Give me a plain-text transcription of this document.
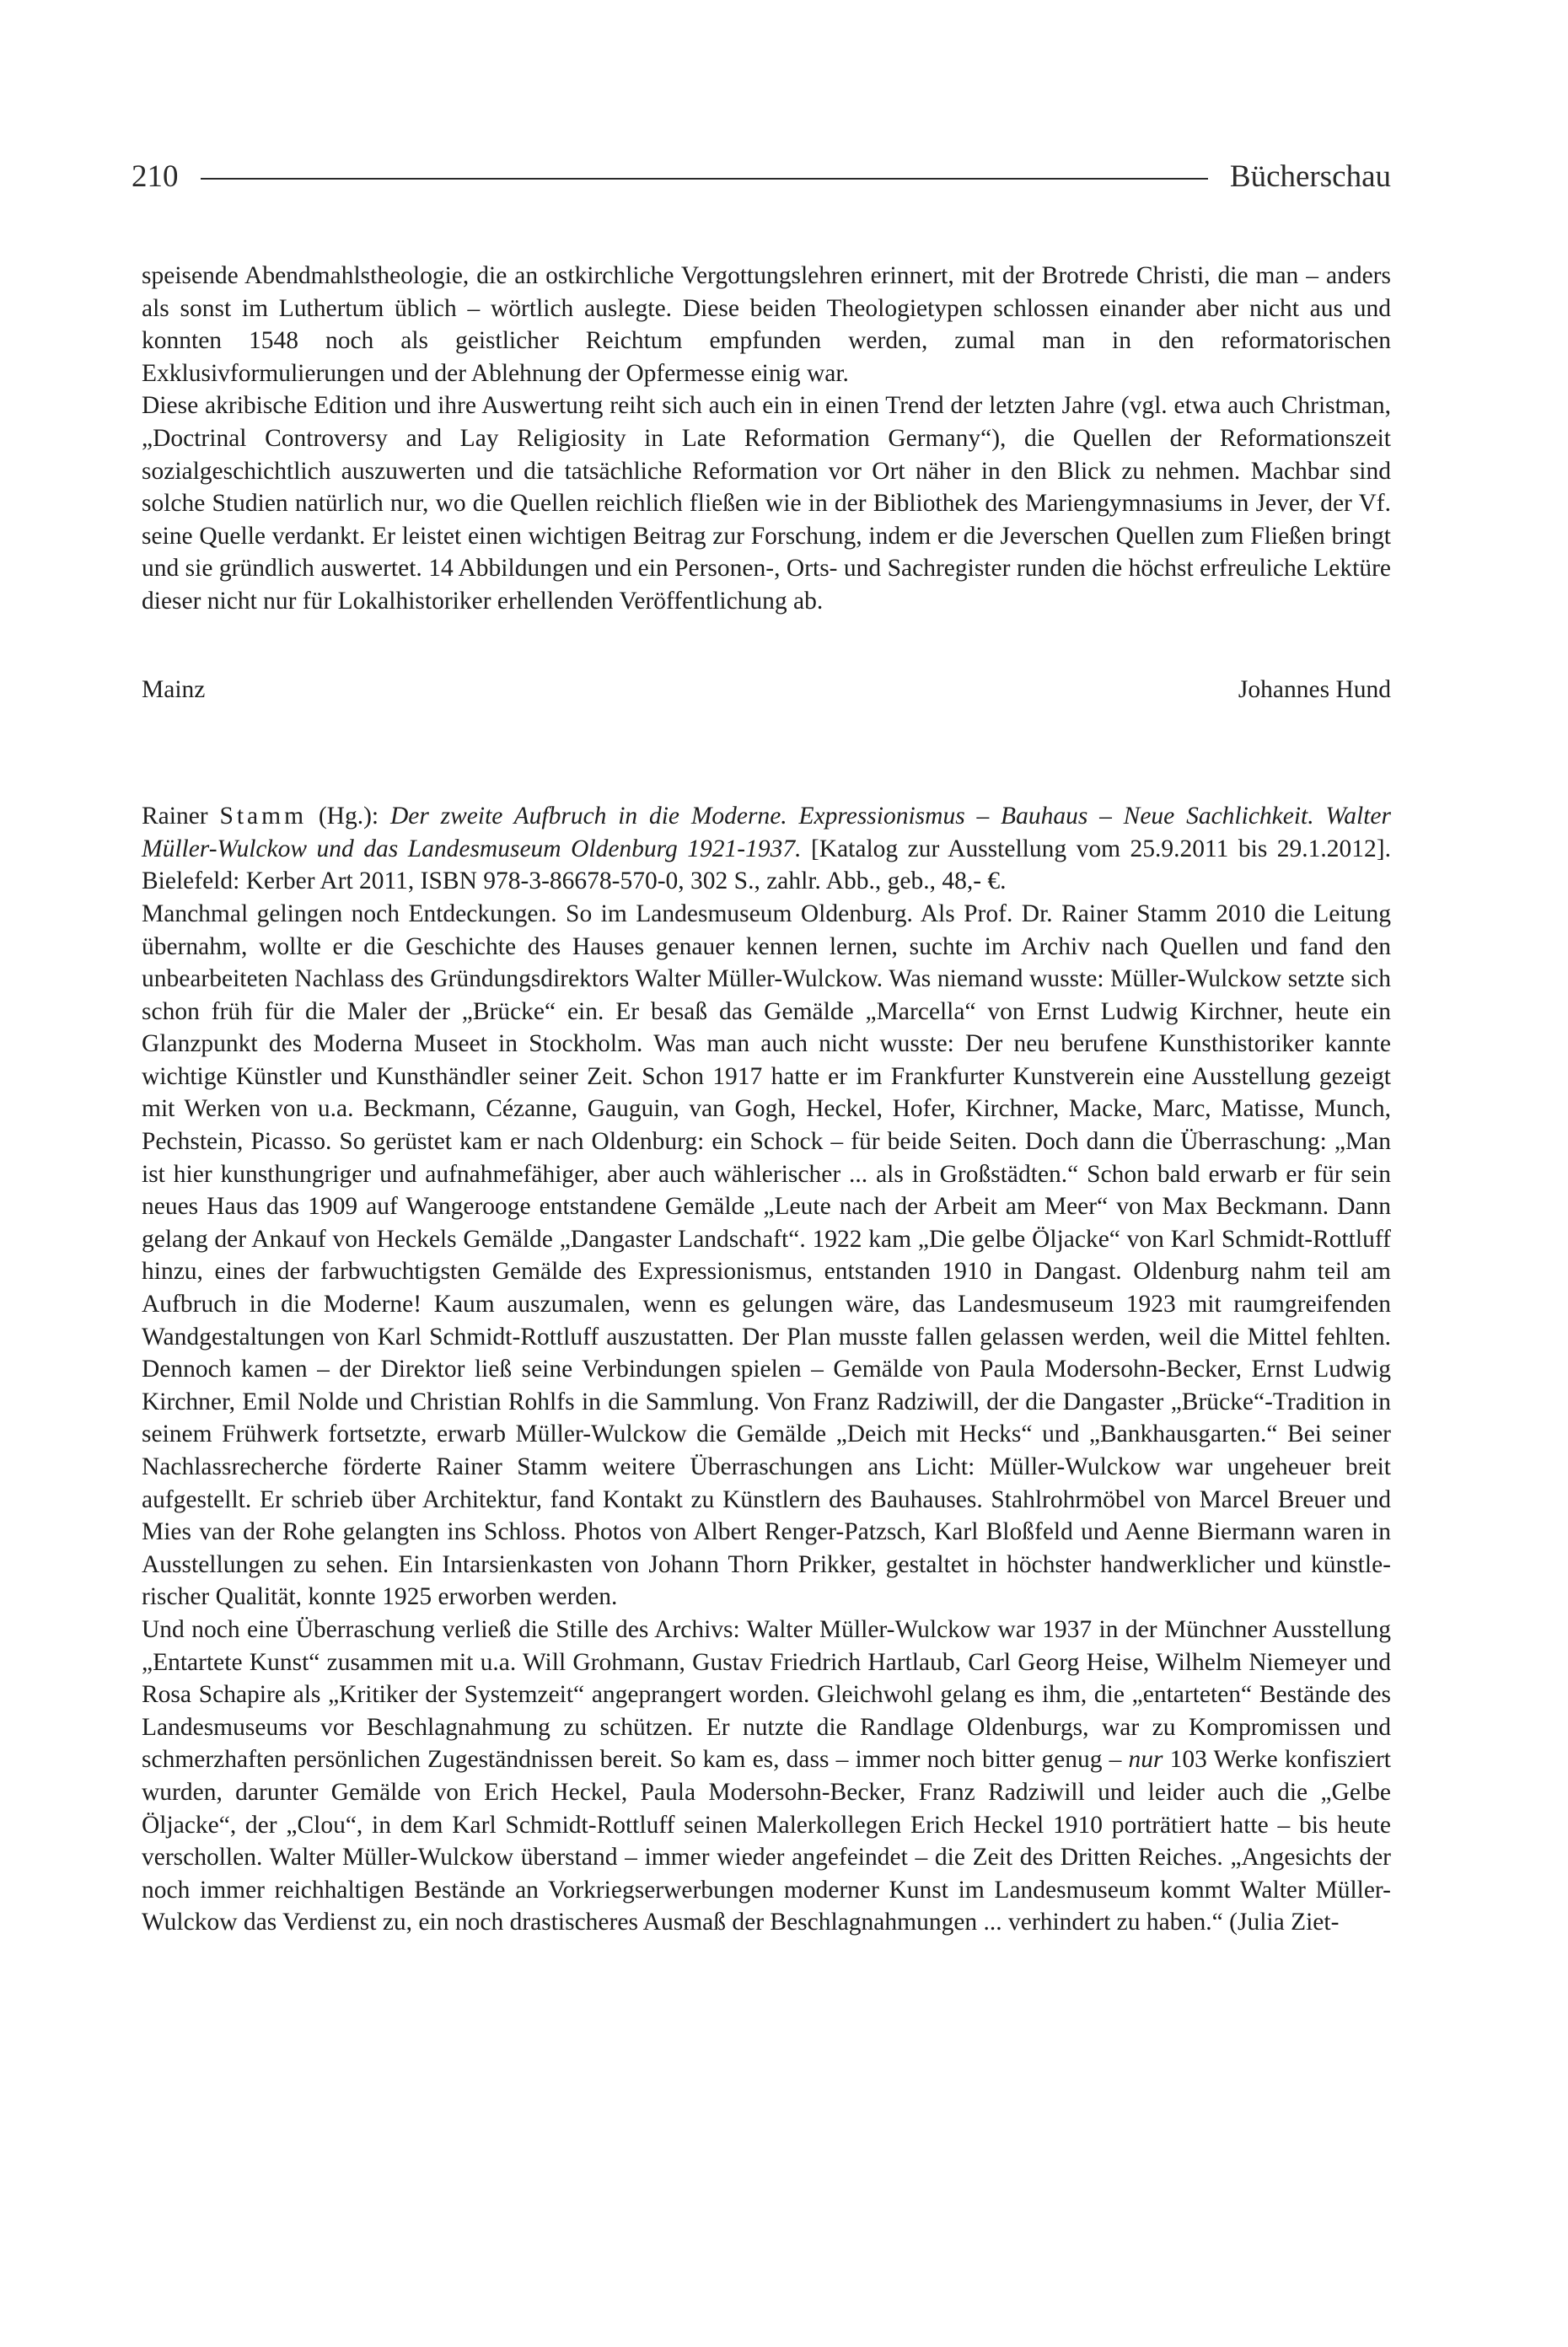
210	Bücherschau

speisende Abendmahlstheologie, die an ostkirchliche Vergottungslehren erinnert, mit der Brotrede Christi, die man – anders als sonst im Luthertum üblich – wörtlich auslegte. Diese beiden Theologietypen schlossen einander aber nicht aus und konnten 1548 noch als geistlicher Reichtum empfunden werden, zumal man in den reformatorischen Exklusivformulierungen und der Ablehnung der Opfermesse einig war.

Diese akribische Edition und ihre Auswertung reiht sich auch ein in einen Trend der letzten Jahre (vgl. etwa auch Christman, „Doctrinal Controversy and Lay Religiosity in Late Reformation Germany“), die Quellen der Reformationszeit sozialgeschichtlich auszuwerten und die tatsächliche Reformation vor Ort näher in den Blick zu nehmen. Machbar sind solche Studien natürlich nur, wo die Quellen reichlich fließen wie in der Bibliothek des Mariengymnasiums in Jever, der Vf. seine Quelle verdankt. Er leistet einen wichtigen Beitrag zur Forschung, indem er die Jeverschen Quellen zum Fließen bringt und sie gründlich auswertet. 14 Abbildungen und ein Personen-, Orts- und Sachregister runden die höchst erfreuliche Lektüre dieser nicht nur für Lokalhistoriker erhellenden Veröffentlichung ab.

Mainz	Johannes Hund

Rainer Stamm (Hg.): Der zweite Aufbruch in die Moderne. Expressionismus – Bauhaus – Neue Sachlichkeit. Walter Müller-Wulckow und das Landesmuseum Oldenburg 1921-1937. [Katalog zur Ausstellung vom 25.9.2011 bis 29.1.2012]. Bielefeld: Kerber Art 2011, ISBN 978-3-86678-570-0, 302 S., zahlr. Abb., geb., 48,- €.

Manchmal gelingen noch Entdeckungen. So im Landesmuseum Oldenburg. Als Prof. Dr. Rainer Stamm 2010 die Leitung übernahm, wollte er die Geschichte des Hauses genauer kennen lernen, suchte im Archiv nach Quellen und fand den unbearbeiteten Nachlass des Gründungsdirektors Walter Müller-Wulckow. Was niemand wusste: Müller-Wulckow setzte sich schon früh für die Maler der „Brücke“ ein. Er besaß das Gemälde „Marcella“ von Ernst Ludwig Kirchner, heute ein Glanzpunkt des Moderna Museet in Stockholm. Was man auch nicht wusste: Der neu berufene Kunsthistoriker kannte wichtige Künstler und Kunsthändler seiner Zeit. Schon 1917 hatte er im Frankfurter Kunstverein eine Ausstellung gezeigt mit Werken von u.a. Beckmann, Cézanne, Gauguin, van Gogh, Heckel, Hofer, Kirchner, Macke, Marc, Matisse, Munch, Pechstein, Picasso. So gerüstet kam er nach Oldenburg: ein Schock – für beide Seiten. Doch dann die Überraschung: „Man ist hier kunsthungriger und aufnahmefähiger, aber auch wählerischer ... als in Großstädten.“ Schon bald erwarb er für sein neues Haus das 1909 auf Wangerooge entstandene Gemälde „Leute nach der Arbeit am Meer“ von Max Beckmann. Dann gelang der Ankauf von Heckels Gemälde „Dangaster Landschaft“. 1922 kam „Die gelbe Öljacke“ von Karl Schmidt-Rottluff hinzu, eines der farbwuchtigsten Gemälde des Expressionismus, entstanden 1910 in Dangast. Oldenburg nahm teil am Aufbruch in die Moderne! Kaum auszumalen, wenn es gelungen wäre, das Landesmuseum 1923 mit raumgreifenden Wandgestaltungen von Karl Schmidt-Rottluff auszustatten. Der Plan musste fallen gelassen werden, weil die Mittel fehlten. Dennoch kamen – der Direktor ließ seine Verbindungen spielen – Gemälde von Paula Modersohn-Becker, Ernst Ludwig Kirchner, Emil Nolde und Christian Rohlfs in die Sammlung. Von Franz Radziwill, der die Dangaster „Brücke“-Tradition in seinem Frühwerk fortsetzte, erwarb Müller-Wulckow die Gemälde „Deich mit Hecks“ und „Bankhausgarten.“ Bei seiner Nachlassrecherche förderte Rainer Stamm weitere Überraschungen ans Licht: Müller-Wulckow war ungeheuer breit aufgestellt. Er schrieb über Architektur, fand Kontakt zu Künstlern des Bauhauses. Stahlrohrmöbel von Marcel Breuer und Mies van der Rohe gelangten ins Schloss. Photos von Albert Renger-Patzsch, Karl Bloßfeld und Aenne Biermann waren in Ausstellungen zu sehen. Ein Intarsienkasten von Johann Thorn Prikker, gestaltet in höchster handwerklicher und künstlerischer Qualität, konnte 1925 erworben werden.

Und noch eine Überraschung verließ die Stille des Archivs: Walter Müller-Wulckow war 1937 in der Münchner Ausstellung „Entartete Kunst“ zusammen mit u.a. Will Grohmann, Gustav Friedrich Hartlaub, Carl Georg Heise, Wilhelm Niemeyer und Rosa Schapire als „Kritiker der Systemzeit“ angeprangert worden. Gleichwohl gelang es ihm, die „entarteten“ Bestände des Landesmuseums vor Beschlagnahmung zu schützen. Er nutzte die Randlage Oldenburgs, war zu Kompromissen und schmerzhaften persönlichen Zugeständnissen bereit. So kam es, dass – immer noch bitter genug – nur 103 Werke konfisziert wurden, darunter Gemälde von Erich Heckel, Paula Modersohn-Becker, Franz Radziwill und leider auch die „Gelbe Öljacke“, der „Clou“, in dem Karl Schmidt-Rottluff seinen Malerkollegen Erich Heckel 1910 porträtiert hatte – bis heute verschollen. Walter Müller-Wulckow überstand – immer wieder angefeindet – die Zeit des Dritten Reiches. „Angesichts der noch immer reichhaltigen Bestände an Vorkriegserwerbungen moderner Kunst im Landesmuseum kommt Walter Müller-Wulckow das Verdienst zu, ein noch drastischeres Ausmaß der Beschlagnahmungen ... verhindert zu haben.“ (Julia Ziet-
